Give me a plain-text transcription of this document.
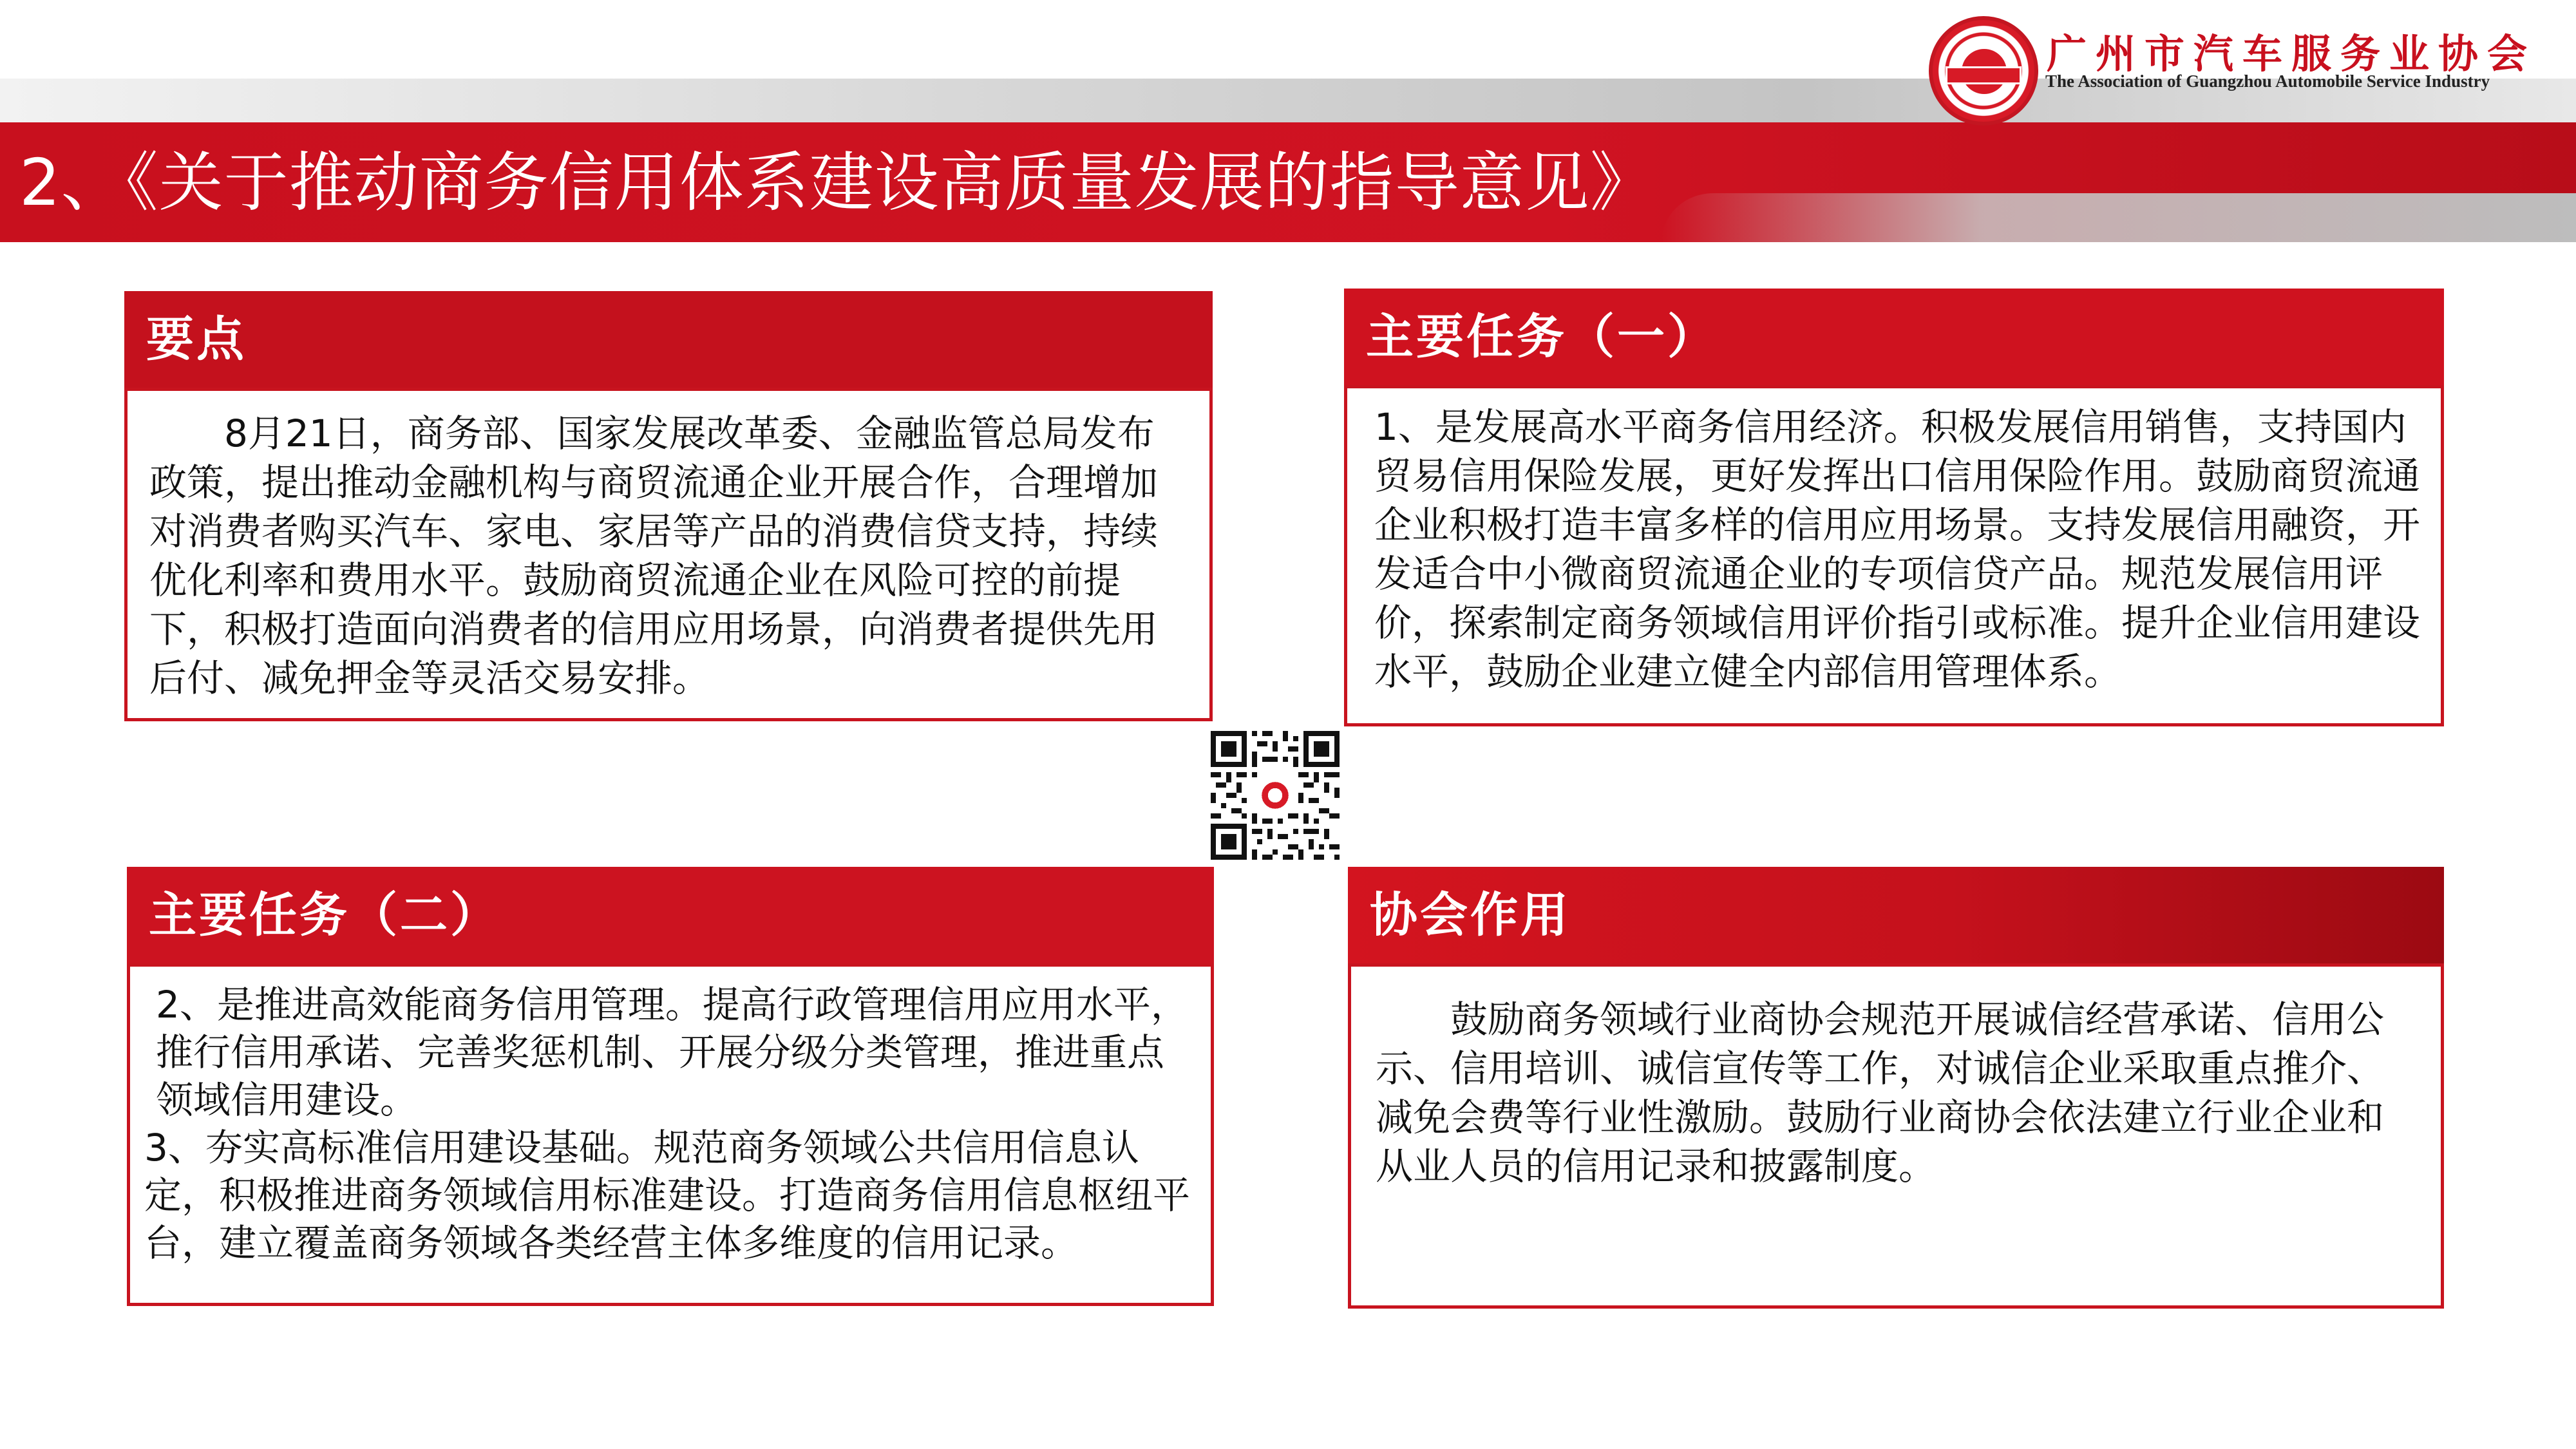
2、《关于推动商务信用体系建设高质量发展的指导意见》
广州市汽车服务业协会
The Association of Guangzhou Automobile Service Industry
要点
8月21日，商务部、国家发展改革委、金融监管总局发布政策，提出推动金融机构与商贸流通企业开展合作，合理增加对消费者购买汽车、家电、家居等产品的消费信贷支持，持续优化利率和费用水平。鼓励商贸流通企业在风险可控的前提下，积极打造面向消费者的信用应用场景，向消费者提供先用后付、减免押金等灵活交易安排。
主要任务（一）
1、是发展高水平商务信用经济。积极发展信用销售，支持国内贸易信用保险发展，更好发挥出口信用保险作用。鼓励商贸流通企业积极打造丰富多样的信用应用场景。支持发展信用融资，开发适合中小微商贸流通企业的专项信贷产品。规范发展信用评价，探索制定商务领域信用评价指引或标准。提升企业信用建设水平，鼓励企业建立健全内部信用管理体系。
主要任务（二）
2、是推进高效能商务信用管理。提高行政管理信用应用水平，推行信用承诺、完善奖惩机制、开展分级分类管理，推进重点领域信用建设。
3、夯实高标准信用建设基础。规范商务领域公共信用信息认定，积极推进商务领域信用标准建设。打造商务信用信息枢纽平台，建立覆盖商务领域各类经营主体多维度的信用记录。
协会作用
鼓励商务领域行业商协会规范开展诚信经营承诺、信用公示、信用培训、诚信宣传等工作，对诚信企业采取重点推介、减免会费等行业性激励。鼓励行业商协会依法建立行业企业和从业人员的信用记录和披露制度。
